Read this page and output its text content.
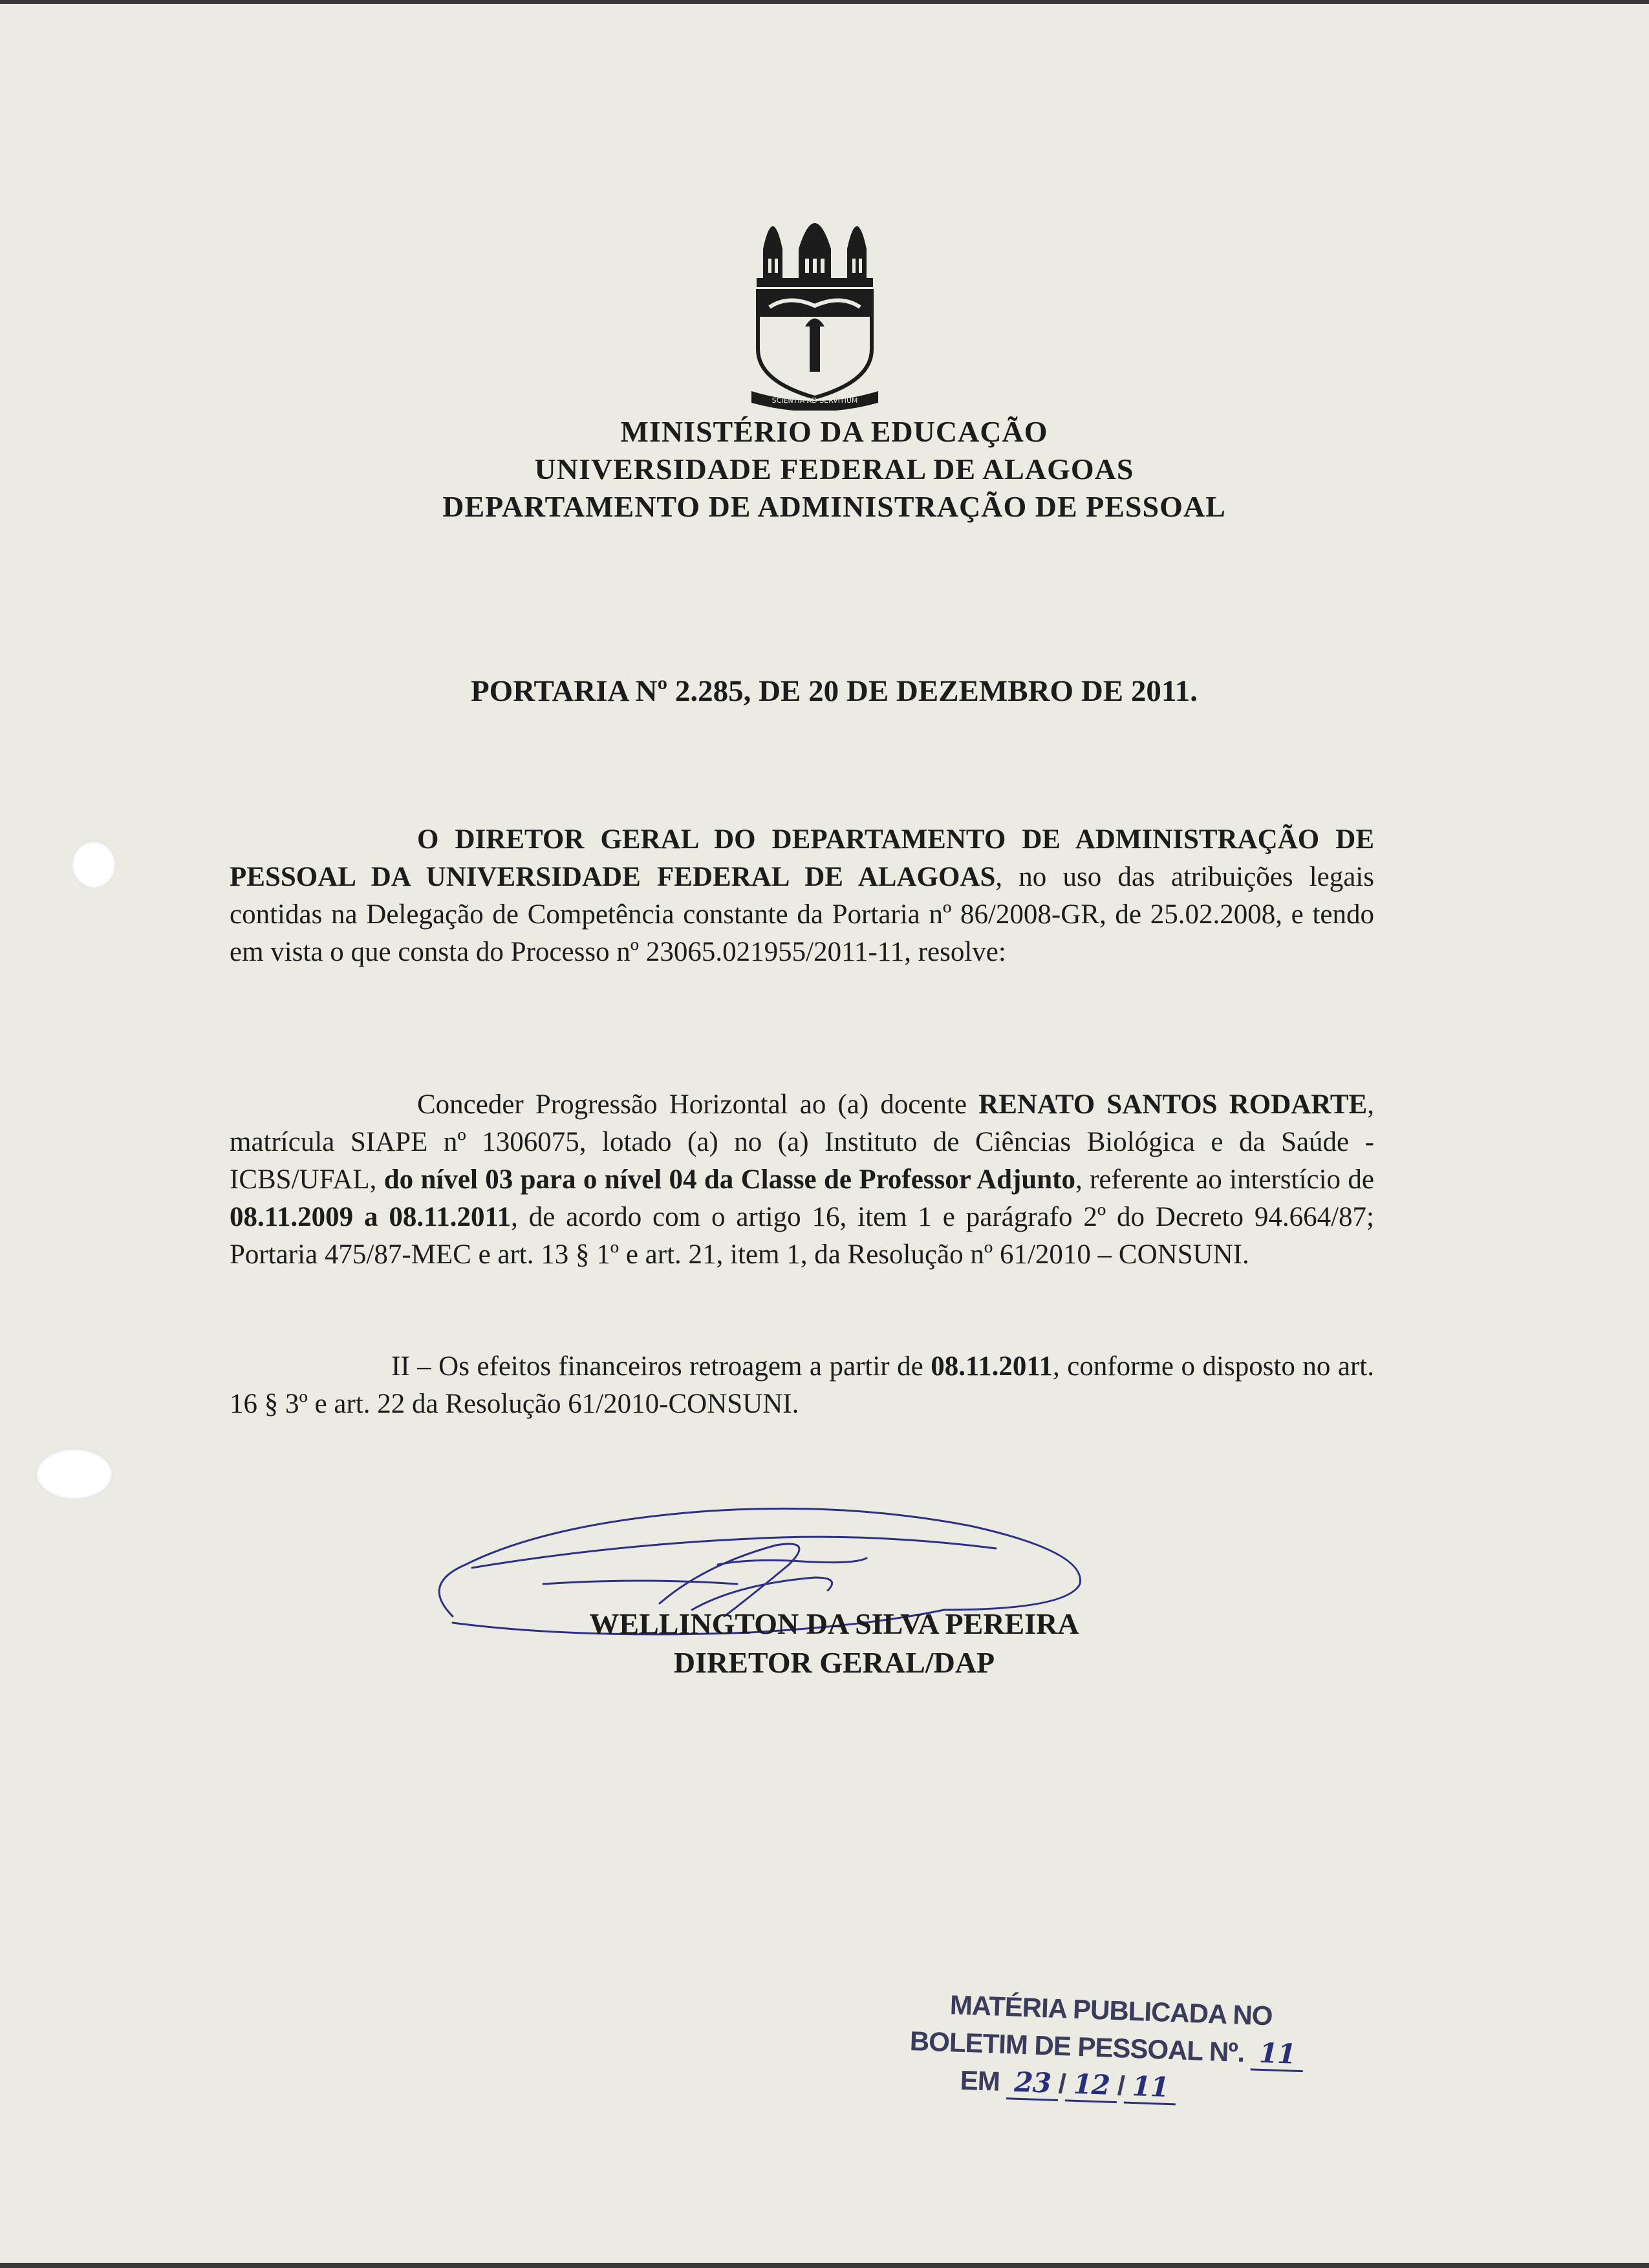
SCIENTIA AD SERVITIUM
MINISTÉRIO DA EDUCAÇÃO
UNIVERSIDADE FEDERAL DE ALAGOAS
DEPARTAMENTO DE ADMINISTRAÇÃO DE PESSOAL
PORTARIA Nº 2.285, DE 20 DE DEZEMBRO DE 2011.

O DIRETOR GERAL DO DEPARTAMENTO DE ADMINISTRAÇÃO DE PESSOAL DA UNIVERSIDADE FEDERAL DE ALAGOAS, no uso das atribuições legais contidas na Delegação de Competência constante da Portaria nº 86/2008-GR, de 25.02.2008, e tendo em vista o que consta do Processo nº 23065.021955/2011-11, resolve:

Conceder Progressão Horizontal ao (a) docente RENATO SANTOS RODARTE, matrícula SIAPE nº 1306075, lotado (a) no (a) Instituto de Ciências Biológica e da Saúde - ICBS/UFAL, do nível 03 para o nível 04 da Classe de Professor Adjunto, referente ao interstício de 08.11.2009 a 08.11.2011, de acordo com o artigo 16, item 1 e parágrafo 2º do Decreto 94.664/87; Portaria 475/87-MEC e art. 13 § 1º e art. 21, item 1, da Resolução nº 61/2010 – CONSUNI.

II – Os efeitos financeiros retroagem a partir de 08.11.2011, conforme o disposto no art. 16 § 3º e art. 22 da Resolução 61/2010-CONSUNI.

WELLINGTON DA SILVA PEREIRA
DIRETOR GERAL/DAP
MATÉRIA PUBLICADA NO
BOLETIM DE PESSOAL Nº. 11
EM 23 / 12 / 11
